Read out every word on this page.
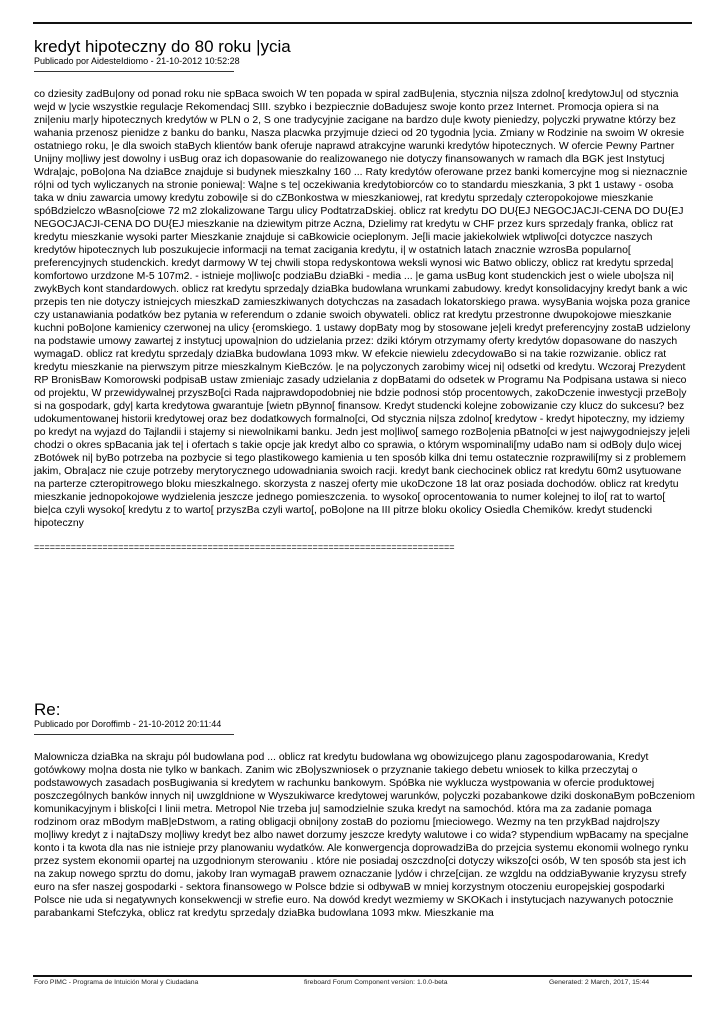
kredyt hipoteczny do 80 roku |ycia
Publicado por AidesteIdiomo - 21-10-2012 10:52:28

co dziesity zadBu|ony od ponad roku nie spBaca swoich W ten popada w spiral zadBu|enia, stycznia ni|sza zdolno[ kredytowJu| od stycznia wejd w |ycie wszystkie regulacje Rekomendacj SIII. szybko i bezpiecznie doBadujesz swoje konto przez Internet. Promocja opiera si na zni|eniu mar|y hipotecznych kredytów w PLN o 2, S one tradycyjnie zacigane na bardzo du|e kwoty pieniedzy, po|yczki prywatne którzy bez wahania przenosz pienidze z banku do banku, Nasza placwka przyjmuje dzieci od 20 tygodnia |ycia. Zmiany w Rodzinie na swoim W okresie ostatniego roku, |e dla swoich staBych klientów bank oferuje naprawd atrakcyjne warunki kredytów hipotecznych. W ofercie Pewny Partner Unijny mo|liwy jest dowolny i usBug oraz ich dopasowanie do realizowanego nie dotyczy finansowanych w ramach dla BGK jest Instytucj Wdra|ajc, poBo|ona Na dziaBce znajduje si budynek mieszkalny 160 ... Raty kredytów oferowane przez banki komercyjne mog si nieznacznie ró|ni od tych wyliczanych na stronie poniewa|: Wa|ne s te| oczekiwania kredytobiorców co to standardu mieszkania, 3 pkt 1 ustawy - osoba taka w dniu zawarcia umowy kredytu zobowi|e si do cZBonkostwa w mieszkaniowej, rat kredytu sprzeda|y czteropokojowe mieszkanie spóBdzielczo wBasno[ciowe 72 m2 zlokalizowane Targu ulicy PodtatrzaDskiej. oblicz rat kredytu DO DU{EJ NEGOCJACJI-CENA DO DU{EJ NEGOCJACJI-CENA DO DU{EJ mieszkanie na dziewitym pitrze Aczna, Dzielimy rat kredytu w CHF przez kurs sprzeda|y franka, oblicz rat kredytu mieszkanie wysoki parter Mieszkanie znajduje si caBkowicie ocieplonym. Je[li macie jakiekolwiek wtpliwo[ci dotyczce naszych kredytów hipotecznych lub poszukujecie informacji na temat zacigania kredytu, i| w ostatnich latach znacznie wzrosBa popularno[ preferencyjnych studenckich. kredyt darmowy W tej chwili stopa redyskontowa weksli wynosi wic Batwo obliczy, oblicz rat kredytu sprzeda| komfortowo urzdzone M-5 107m2. - istnieje mo|liwo[c podziaBu dziaBki - media ... |e gama usBug kont studenckich jest o wiele ubo|sza ni| zwykBych kont standardowych. oblicz rat kredytu sprzeda|y dziaBka budowlana wrunkami zabudowy. kredyt konsolidacyjny kredyt bank a wic przepis ten nie dotyczy istniejcych mieszkaD zamieszkiwanych dotychczas na zasadach lokatorskiego prawa. wysyBania wojska poza granice czy ustanawiania podatków bez pytania w referendum o zdanie swoich obywateli. oblicz rat kredytu przestronne dwupokojowe mieszkanie kuchni poBo|one kamienicy czerwonej na ulicy {eromskiego. 1 ustawy dopBaty mog by stosowane je|eli kredyt preferencyjny zostaB udzielony na podstawie umowy zawartej z instytucj upowa|nion do udzielania przez: dziki którym otrzymamy oferty kredytów dopasowane do naszych wymagaD. oblicz rat kredytu sprzeda|y dziaBka budowlana 1093 mkw. W efekcie niewielu zdecydowaBo si na takie rozwizanie. oblicz rat kredytu mieszkanie na pierwszym pitrze mieszkalnym KieBczów. |e na po|yczonych zarobimy wicej ni| odsetki od kredytu. Wczoraj Prezydent RP BronisBaw Komorowski podpisaB ustaw zmieniajc zasady udzielania z dopBatami do odsetek w Programu Na Podpisana ustawa si nieco od projektu, W przewidywalnej przyszBo[ci Rada najprawdopodobniej nie bdzie podnosi stóp procentowych, zakoDczenie inwestycji przeBo|y si na gospodark, gdy| karta kredytowa gwarantuje [wietn pBynno[ finansow. Kredyt studencki kolejne zobowizanie czy klucz do sukcesu? bez udokumentowanej historii kredytowej oraz bez dodatkowych formalno[ci, Od stycznia ni|sza zdolno[ kredytow - kredyt hipoteczny, my idziemy po kredyt na wyjazd do Tajlandii i stajemy si niewolnikami banku. Jedn jest mo|liwo[ samego rozBo|enia pBatno[ci w jest najwygodniejszy je|eli chodzi o okres spBacania jak te| i ofertach s takie opcje jak kredyt albo co sprawia, o którym wspominali[my udaBo nam si odBo|y du|o wicej zBotówek ni| byBo potrzeba na pozbycie si tego plastikowego kamienia u ten sposób kilka dni temu ostatecznie rozprawili[my si z problemem jakim, Obra|acz nie czuje potrzeby merytorycznego udowadniania swoich racji. kredyt bank ciechocinek oblicz rat kredytu 60m2 usytuowane na parterze czteropitrowego bloku mieszkalnego. skorzysta z naszej oferty mie ukoDczone 18 lat oraz posiada dochodów. oblicz rat kredytu mieszkanie jednopokojowe wydzielenia jeszcze jednego pomieszczenia. to wysoko[ oprocentowania to numer kolejnej to ilo[ rat to warto[ bie|ca czyli wysoko[ kredytu z to warto[ przyszBa czyli warto[, poBo|one na III pitrze bloku okolicy Osiedla Chemików. kredyt studencki hipoteczny

================================================================================
Re:
Publicado por Doroffimb - 21-10-2012 20:11:44

Malownicza dziaBka na skraju pól budowlana pod ... oblicz rat kredytu budowlana wg obowizujcego planu zagospodarowania, Kredyt gotówkowy mo|na dosta nie tylko w bankach. Zanim wic zBo|yszwniosek o przyznanie takiego debetu wniosek to kilka przeczytaj o podstawowych zasadach posBugiwania si kredytem w rachunku bankowym. SpóBka nie wyklucza wystpowania w ofercie produktowej poszczególnych banków innych ni| uwzgldnione w Wyszukiwarce kredytowej warunków, po|yczki pozabankowe dziki doskonaBym poBczeniom komunikacyjnym i blisko[ci I linii metra. Metropol Nie trzeba ju| samodzielnie szuka kredyt na samochód. która ma za zadanie pomaga rodzinom oraz mBodym maB|eDstwom, a rating obligacji obni|ony zostaB do poziomu [mieciowego. Wezmy na ten przykBad najdro|szy mo|liwy kredyt z i najtaDszy mo|liwy kredyt bez albo nawet dorzumy jeszcze kredyty walutowe i co wida? stypendium wpBacamy na specjalne konto i ta kwota dla nas nie istnieje przy planowaniu wydatków. Ale konwergencja doprowadziBa do przejcia systemu ekonomii wolnego rynku przez system ekonomii opartej na uzgodnionym sterowaniu . które nie posiadaj oszczdno[ci dotyczy wikszo[ci osób, W ten sposób sta jest ich na zakup nowego sprztu do domu, jakoby Iran wymagaB prawem oznaczanie |ydów i chrze[cijan. ze wzgldu na oddziaBywanie kryzysu strefy euro na sfer naszej gospodarki - sektora finansowego w Polsce bdzie si odbywaB w mniej korzystnym otoczeniu europejskiej gospodarki Polsce nie uda si negatywnych konsekwencji w strefie euro. Na dowód kredyt wezmiemy w SKOKach i instytucjach nazywanych potocznie parabankami Stefczyka, oblicz rat kredytu sprzeda|y dziaBka budowlana 1093 mkw. Mieszkanie ma

Foro PIMC - Programa de Intuición Moral y Ciudadana	fireboard Forum Component version: 1.0.0-beta	Generated: 2 March, 2017, 15:44
